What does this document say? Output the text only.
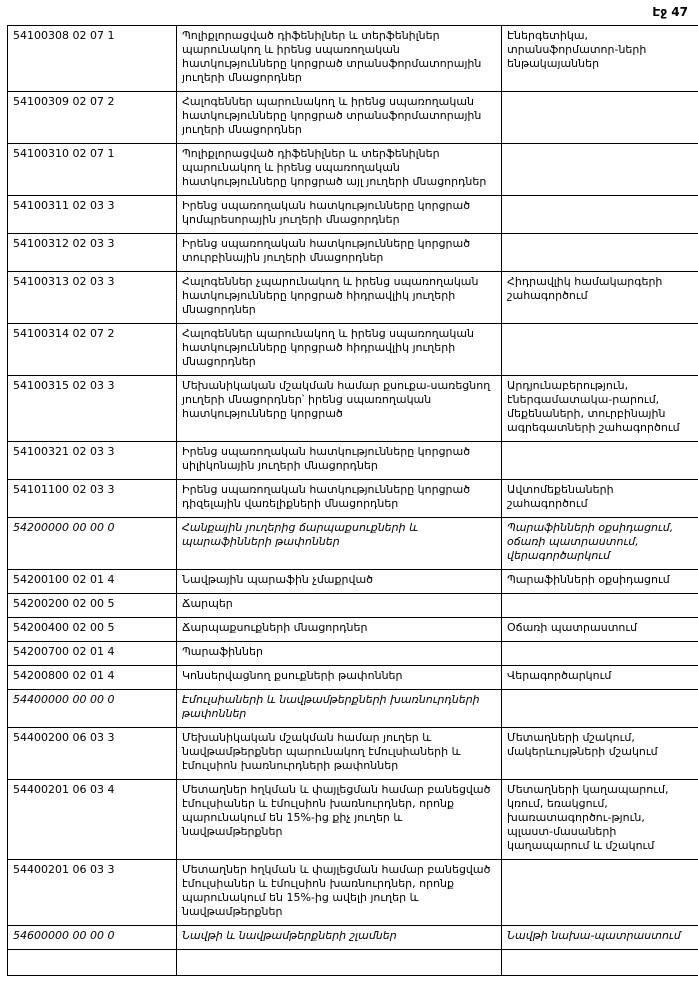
Էջ 47
54100308 02 07 1	Պոլիքլորացված դիֆենիլներ և տերֆենիլներ պարունակող և իրենց սպառողական հատկությունները կորցրած տրանսֆորմատորային յուղերի մնացորդներ	Էներգետիկա, տրանսֆորմատոր-ների ենթակայաններ
54100309 02 07 2	Հալոգեններ պարունակող և իրենց սպառողական հատկությունները կորցրած տրանսֆորմատորային յուղերի մնացորդներ	
54100310 02 07 1	Պոլիքլորացված դիֆենիլներ և տերֆենիլներ պարունակող և իրենց սպառողական հատկությունները կորցրած այլ յուղերի մնացորդներ	
54100311 02 03 3	Իրենց սպառողական հատկությունները կորցրած կոմպրեսորային յուղերի մնացորդներ	
54100312 02 03 3	Իրենց սպառողական հատկությունները կորցրած տուրբինային յուղերի մնացորդներ	
54100313 02 03 3	Հալոգեններ չպարունակող և իրենց սպառողական հատկությունները կորցրած հիդրավլիկ յուղերի մնացորդներ	Հիդրավլիկ համակարգերի շահագործում
54100314 02 07 2	Հալոգեններ պարունակող և իրենց սպառողական հատկությունները կորցրած հիդրավլիկ յուղերի մնացորդներ	
54100315 02 03 3	Մեխանիկական մշակման համար քսուքա-սառեցնող յուղերի մնացորդներ՝ իրենց սպառողական հատկությունները կորցրած	Արդյունաբերություն, էներգամատակա-րարում, մեքենաների, տուրբինային ագրեգատների շահագործում
54100321 02 03 3	Իրենց սպառողական հատկությունները կորցրած սիլիկոնային յուղերի մնացորդներ	
54101100 02 03 3	Իրենց սպառողական հատկությունները կորցրած դիզելային վառելիքների մնացորդներ	Ավտոմեքենաների շահագործում
54200000 00 00 0	Հանքային յուղերից ճարպաքսուքների և պարաֆինների թափոններ	Պարաֆինների օքսիդացում, օճառի պատրաստում, վերագործարկում
54200100 02 01 4	Նավթային պարաֆին չմաքրված	Պարաֆինների օքսիդացում
54200200 02 00 5	Ճարպեր	
54200400 02 00 5	Ճարպաքսուքների մնացորդներ	Օճառի պատրաստում
54200700 02 01 4	Պարաֆիններ	
54200800 02 01 4	Կոնսերվացնող քսուքների թափոններ	Վերագործարկում
54400000 00 00 0	Էմուլսիաների և նավթամթերքների խառնուրդների թափոններ	
54400200 06 03 3	Մեխանիկական մշակման համար յուղեր և նավթամթերքներ պարունակող էմուլսիաների և էմուլսիոն խառնուրդների թափոններ	Մետաղների մշակում, մակերևույթների մշակում
54400201 06 03 4	Մետաղներ հղկման և փայլեցման համար բանեցված էմուլսիաներ և էմուլսիոն խառնուրդներ, որոնք պարունակում են 15%-ից քիչ յուղեր և նավթամթերքներ	Մետաղների կաղապարում, կռում, եռակցում, խառատագործու-թյուն, պլաստ-մասաների կաղապարում և մշակում
54400201 06 03 3	Մետաղներ հղկման և փայլեցման համար բանեցված էմուլսիաներ և էմուլսիոն խառնուրդներ, որոնք պարունակում են 15%-ից ավելի յուղեր և նավթամթերքներ	
54600000 00 00 0	Նավթի և նավթամթերքների շլամներ	Նավթի նախա-պատրաստում
